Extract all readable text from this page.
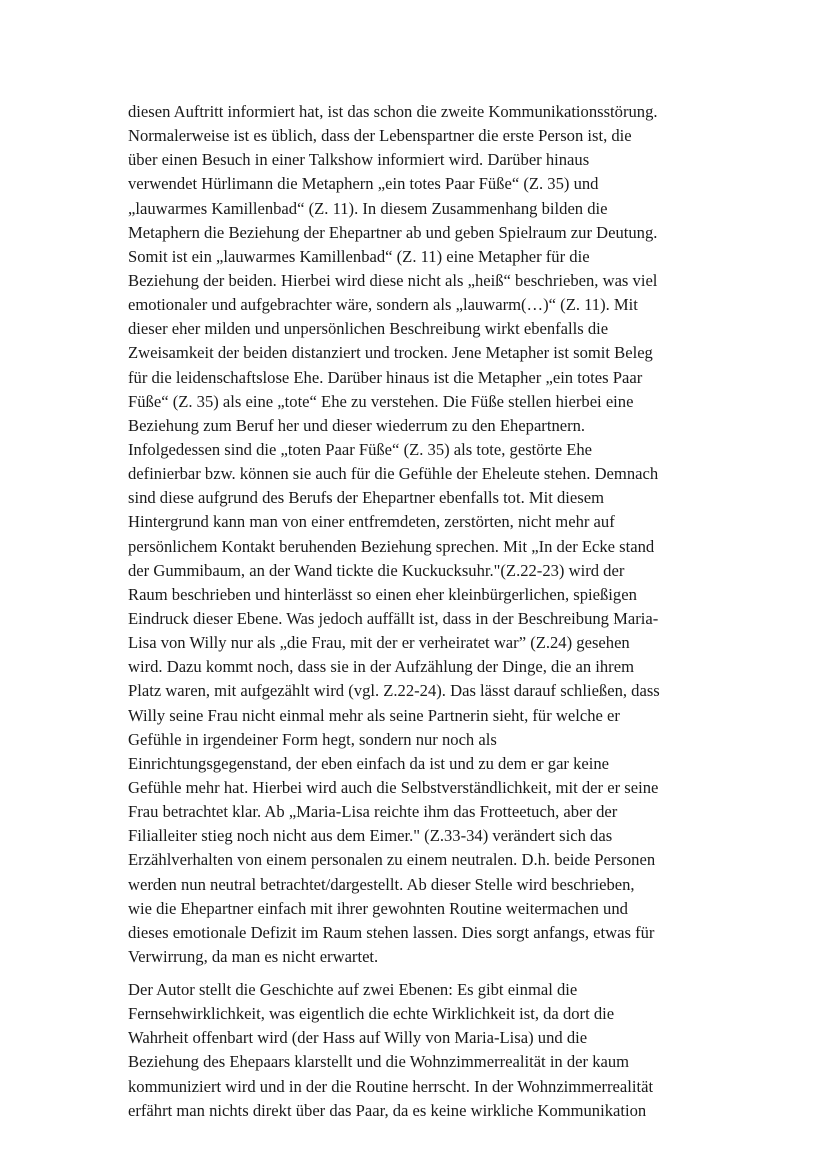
diesen Auftritt informiert hat, ist das schon die zweite Kommunikationsstörung.
Normalerweise ist es üblich, dass der Lebenspartner die erste Person ist, die
über einen Besuch in einer Talkshow informiert wird. Darüber hinaus
verwendet Hürlimann die Metaphern „ein totes Paar Füße“ (Z. 35) und
„lauwarmes Kamillenbad“ (Z. 11). In diesem Zusammenhang bilden die
Metaphern die Beziehung der Ehepartner ab und geben Spielraum zur Deutung.
Somit ist ein „lauwarmes Kamillenbad“ (Z. 11) eine Metapher für die
Beziehung der beiden. Hierbei wird diese nicht als „heiß“ beschrieben, was viel
emotionaler und aufgebrachter wäre, sondern als „lauwarm(…)“ (Z. 11). Mit
dieser eher milden und unpersönlichen Beschreibung wirkt ebenfalls die
Zweisamkeit der beiden distanziert und trocken. Jene Metapher ist somit Beleg
für die leidenschaftslose Ehe. Darüber hinaus ist die Metapher „ein totes Paar
Füße“ (Z. 35) als eine „tote“ Ehe zu verstehen. Die Füße stellen hierbei eine
Beziehung zum Beruf her und dieser wiederrum zu den Ehepartnern.
Infolgedessen sind die „toten Paar Füße“ (Z. 35) als tote, gestörte Ehe
definierbar bzw. können sie auch für die Gefühle der Eheleute stehen. Demnach
sind diese aufgrund des Berufs der Ehepartner ebenfalls tot. Mit diesem
Hintergrund kann man von einer entfremdeten, zerstörten, nicht mehr auf
persönlichem Kontakt beruhenden Beziehung sprechen. Mit „In der Ecke stand
der Gummibaum, an der Wand tickte die Kuckucksuhr."(Z.22-23) wird der
Raum beschrieben und hinterlässt so einen eher kleinbürgerlichen, spießigen
Eindruck dieser Ebene. Was jedoch auffällt ist, dass in der Beschreibung Maria-
Lisa von Willy nur als „die Frau, mit der er verheiratet war” (Z.24) gesehen
wird. Dazu kommt noch, dass sie in der Aufzählung der Dinge, die an ihrem
Platz waren, mit aufgezählt wird (vgl. Z.22-24). Das lässt darauf schließen, dass
Willy seine Frau nicht einmal mehr als seine Partnerin sieht, für welche er
Gefühle in irgendeiner Form hegt, sondern nur noch als
Einrichtungsgegenstand, der eben einfach da ist und zu dem er gar keine
Gefühle mehr hat. Hierbei wird auch die Selbstverständlichkeit, mit der er seine
Frau betrachtet klar. Ab „Maria-Lisa reichte ihm das Frotteetuch, aber der
Filialleiter stieg noch nicht aus dem Eimer." (Z.33-34) verändert sich das
Erzählverhalten von einem personalen zu einem neutralen. D.h. beide Personen
werden nun neutral betrachtet/dargestellt. Ab dieser Stelle wird beschrieben,
wie die Ehepartner einfach mit ihrer gewohnten Routine weitermachen und
dieses emotionale Defizit im Raum stehen lassen. Dies sorgt anfangs, etwas für
Verwirrung, da man es nicht erwartet.

Der Autor stellt die Geschichte auf zwei Ebenen: Es gibt einmal die
Fernsehwirklichkeit, was eigentlich die echte Wirklichkeit ist, da dort die
Wahrheit offenbart wird (der Hass auf Willy von Maria-Lisa) und die
Beziehung des Ehepaars klarstellt und die Wohnzimmerrealität in der kaum
kommuniziert wird und in der die Routine herrscht. In der Wohnzimmerrealität
erfährt man nichts direkt über das Paar, da es keine wirkliche Kommunikation
